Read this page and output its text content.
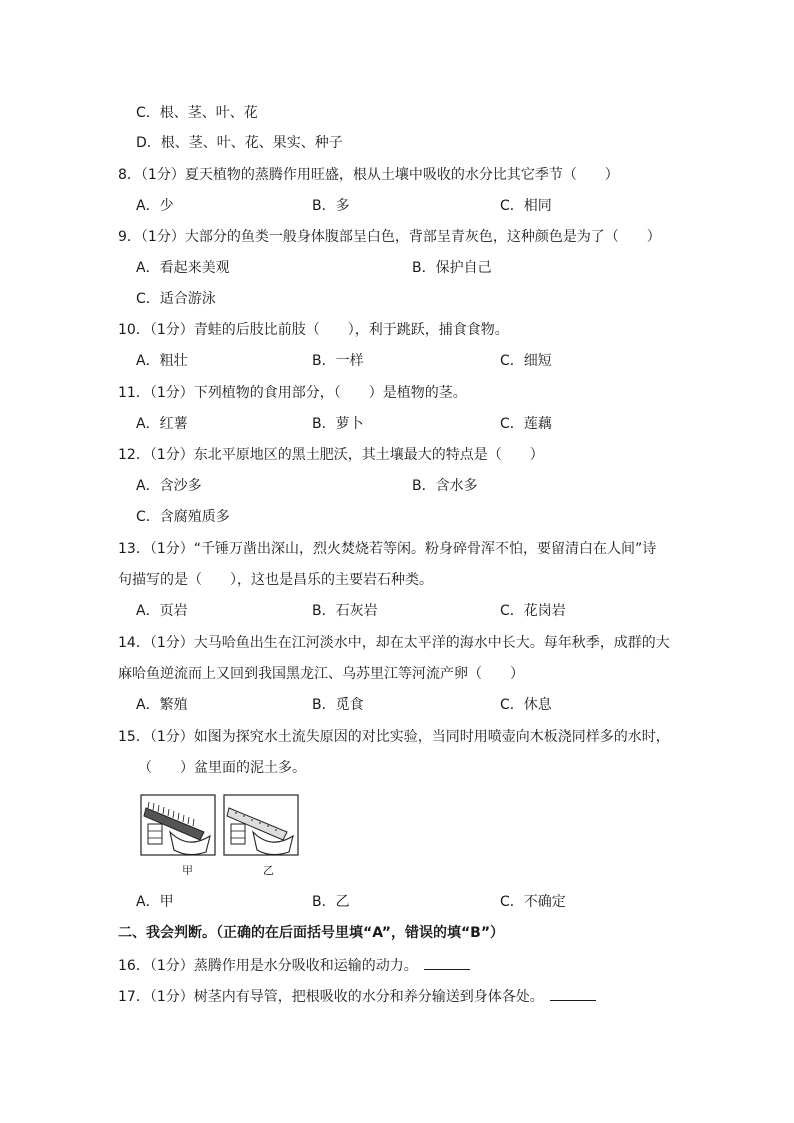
C．根、茎、叶、花
D．根、茎、叶、花、果实、种子
8．（1分）夏天植物的蒸腾作用旺盛，根从土壤中吸收的水分比其它季节（　　）
A．少	B．多	C．相同
9．（1分）大部分的鱼类一般身体腹部呈白色，背部呈青灰色，这种颜色是为了（　　）
A．看起来美观	B．保护自己
C．适合游泳
10．（1分）青蛙的后肢比前肢（　　），利于跳跃，捕食食物。
A．粗壮	B．一样	C．细短
11．（1分）下列植物的食用部分，（　　）是植物的茎。
A．红薯	B．萝卜	C．莲藕
12．（1分）东北平原地区的黑土肥沃，其土壤最大的特点是（　　）
A．含沙多	B．含水多
C．含腐殖质多
13．（1分）“千锤万凿出深山，烈火焚烧若等闲。粉身碎骨浑不怕，要留清白在人间”诗
句描写的是（　　），这也是昌乐的主要岩石种类。
A．页岩	B．石灰岩	C．花岗岩
14．（1分）大马哈鱼出生在江河淡水中，却在太平洋的海水中长大。每年秋季，成群的大
麻哈鱼逆流而上又回到我国黑龙江、乌苏里江等河流产卵（　　）
A．繁殖	B．觅食	C．休息
15．（1分）如图为探究水土流失原因的对比实验，当同时用喷壶向木板浇同样多的水时，
（　　）盆里面的泥土多。
甲	乙
A．甲	B．乙	C．不确定
二、我会判断。（正确的在后面括号里填“A”，错误的填“B”）
16．（1分）蒸腾作用是水分吸收和运输的动力。
17．（1分）树茎内有导管，把根吸收的水分和养分输送到身体各处。
